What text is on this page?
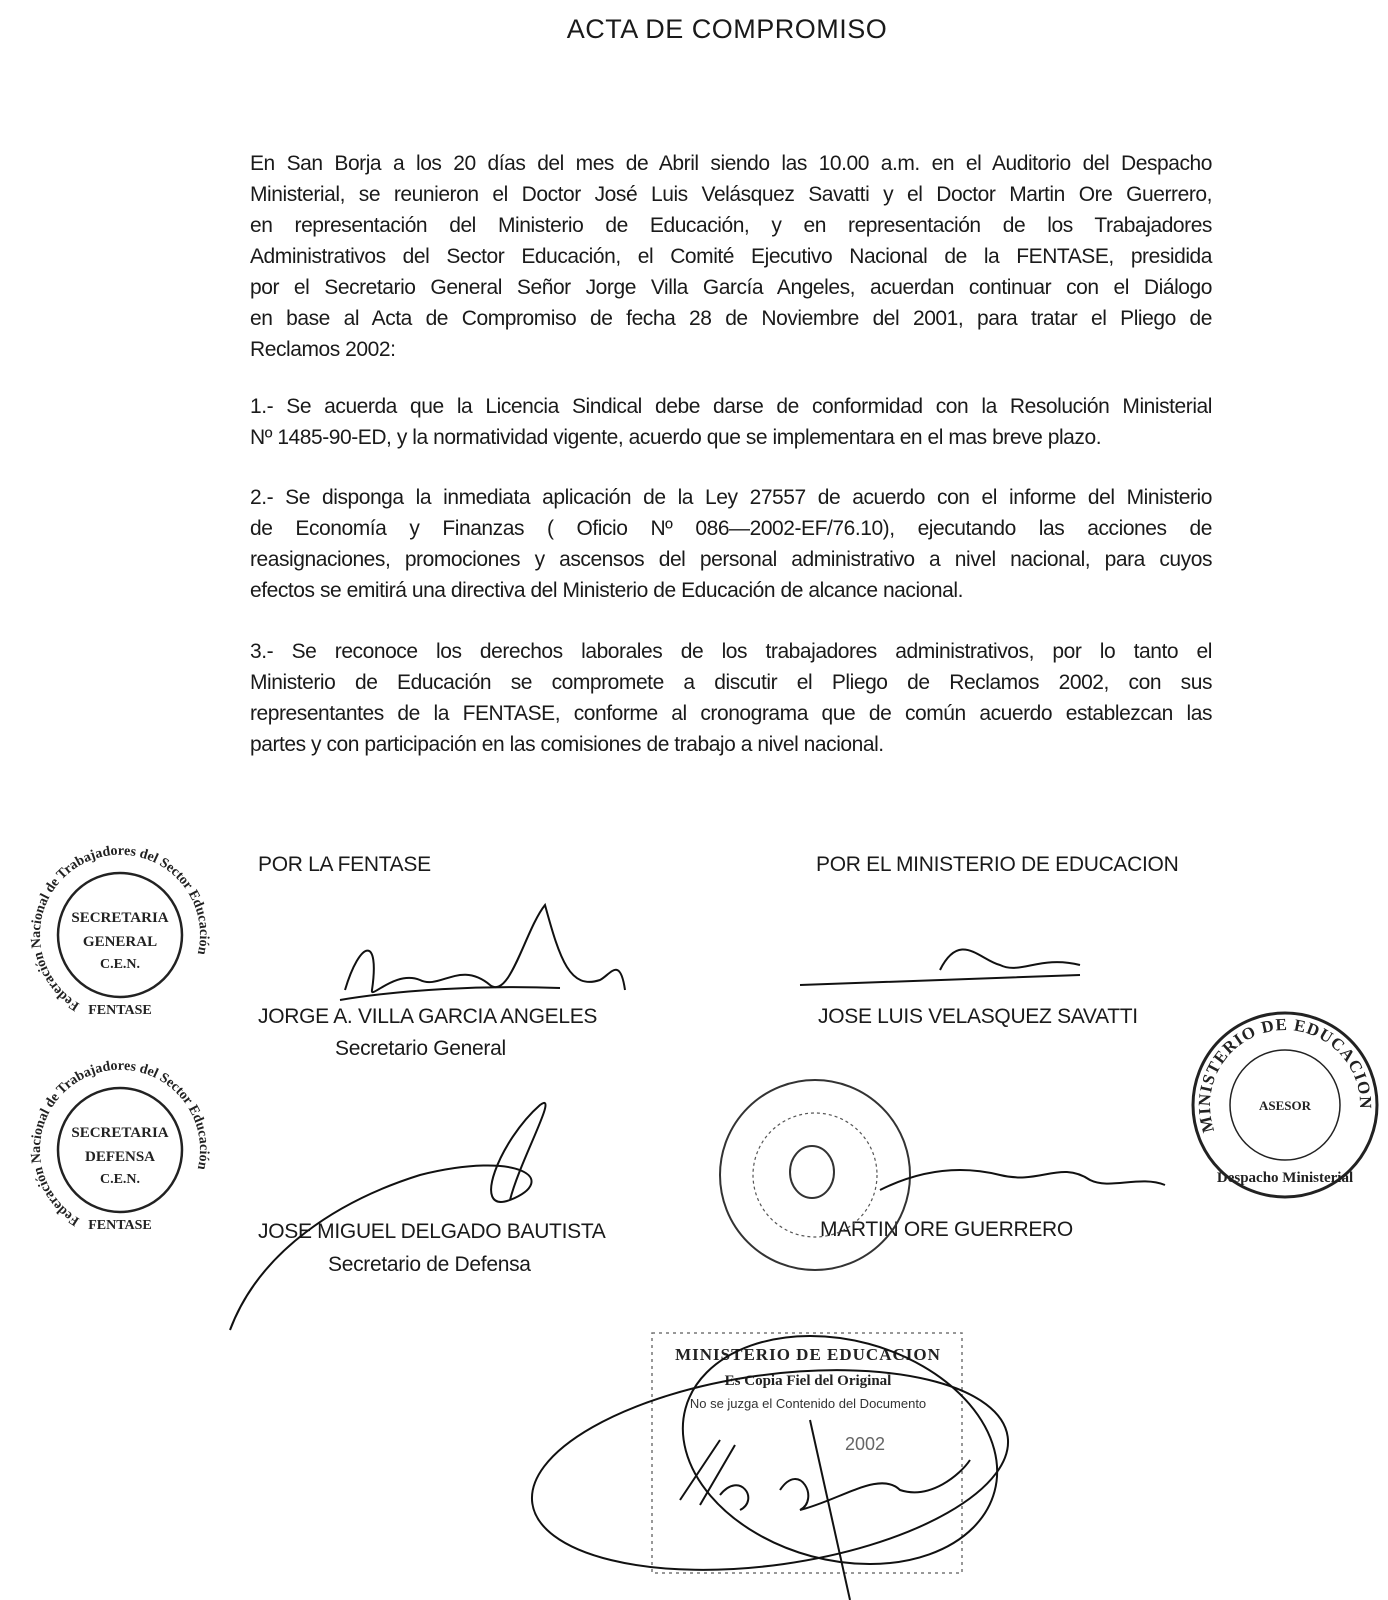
ACTA DE COMPROMISO
En San Borja a los 20 días del mes de Abril siendo las 10.00 a.m. en el Auditorio del Despacho
Ministerial, se reunieron el Doctor José Luis Velásquez Savatti y el Doctor Martin Ore Guerrero,
en representación del Ministerio de Educación, y en representación de los Trabajadores
Administrativos del Sector Educación, el Comité Ejecutivo Nacional de la FENTASE, presidida
por el Secretario General Señor Jorge Villa García Angeles, acuerdan continuar con el Diálogo
en base al Acta de Compromiso de fecha 28 de Noviembre del 2001, para tratar el Pliego de
Reclamos 2002:
1.- Se acuerda que la Licencia Sindical debe darse de conformidad con la Resolución Ministerial
Nº 1485-90-ED, y la normatividad vigente, acuerdo que se implementara en el mas breve plazo.
2.- Se disponga la inmediata aplicación de la Ley 27557 de acuerdo con el informe del Ministerio
de Economía y Finanzas ( Oficio Nº 086—2002-EF/76.10), ejecutando las acciones de
reasignaciones, promociones y ascensos del personal administrativo a nivel nacional, para cuyos
efectos se emitirá una directiva del Ministerio de Educación de alcance nacional.
3.- Se reconoce los derechos laborales de los trabajadores administrativos, por lo tanto el
Ministerio de Educación se compromete a discutir el Pliego de Reclamos 2002, con sus
representantes de la FENTASE, conforme al cronograma que de común acuerdo establezcan las
partes y con participación en las comisiones de trabajo a nivel nacional.
POR LA FENTASE	POR EL MINISTERIO DE EDUCACION
JORGE A. VILLA GARCIA ANGELES
Secretario General
JOSE LUIS VELASQUEZ SAVATTI
JOSE MIGUEL DELGADO BAUTISTA
Secretario de Defensa
MARTIN ORE GUERRERO
Federación Nacional de Trabajadores del Sector Educación
SECRETARIA
GENERAL
C.E.N.
FENTASE
Federación Nacional de Trabajadores del Sector Educación
SECRETARIA
DEFENSA
C.E.N.
FENTASE
MINISTERIO DE EDUCACION
ASESOR
Despacho Ministerial
MINISTERIO DE EDUCACION
Es Copia Fiel del Original
No se juzga el Contenido del Documento
2002
